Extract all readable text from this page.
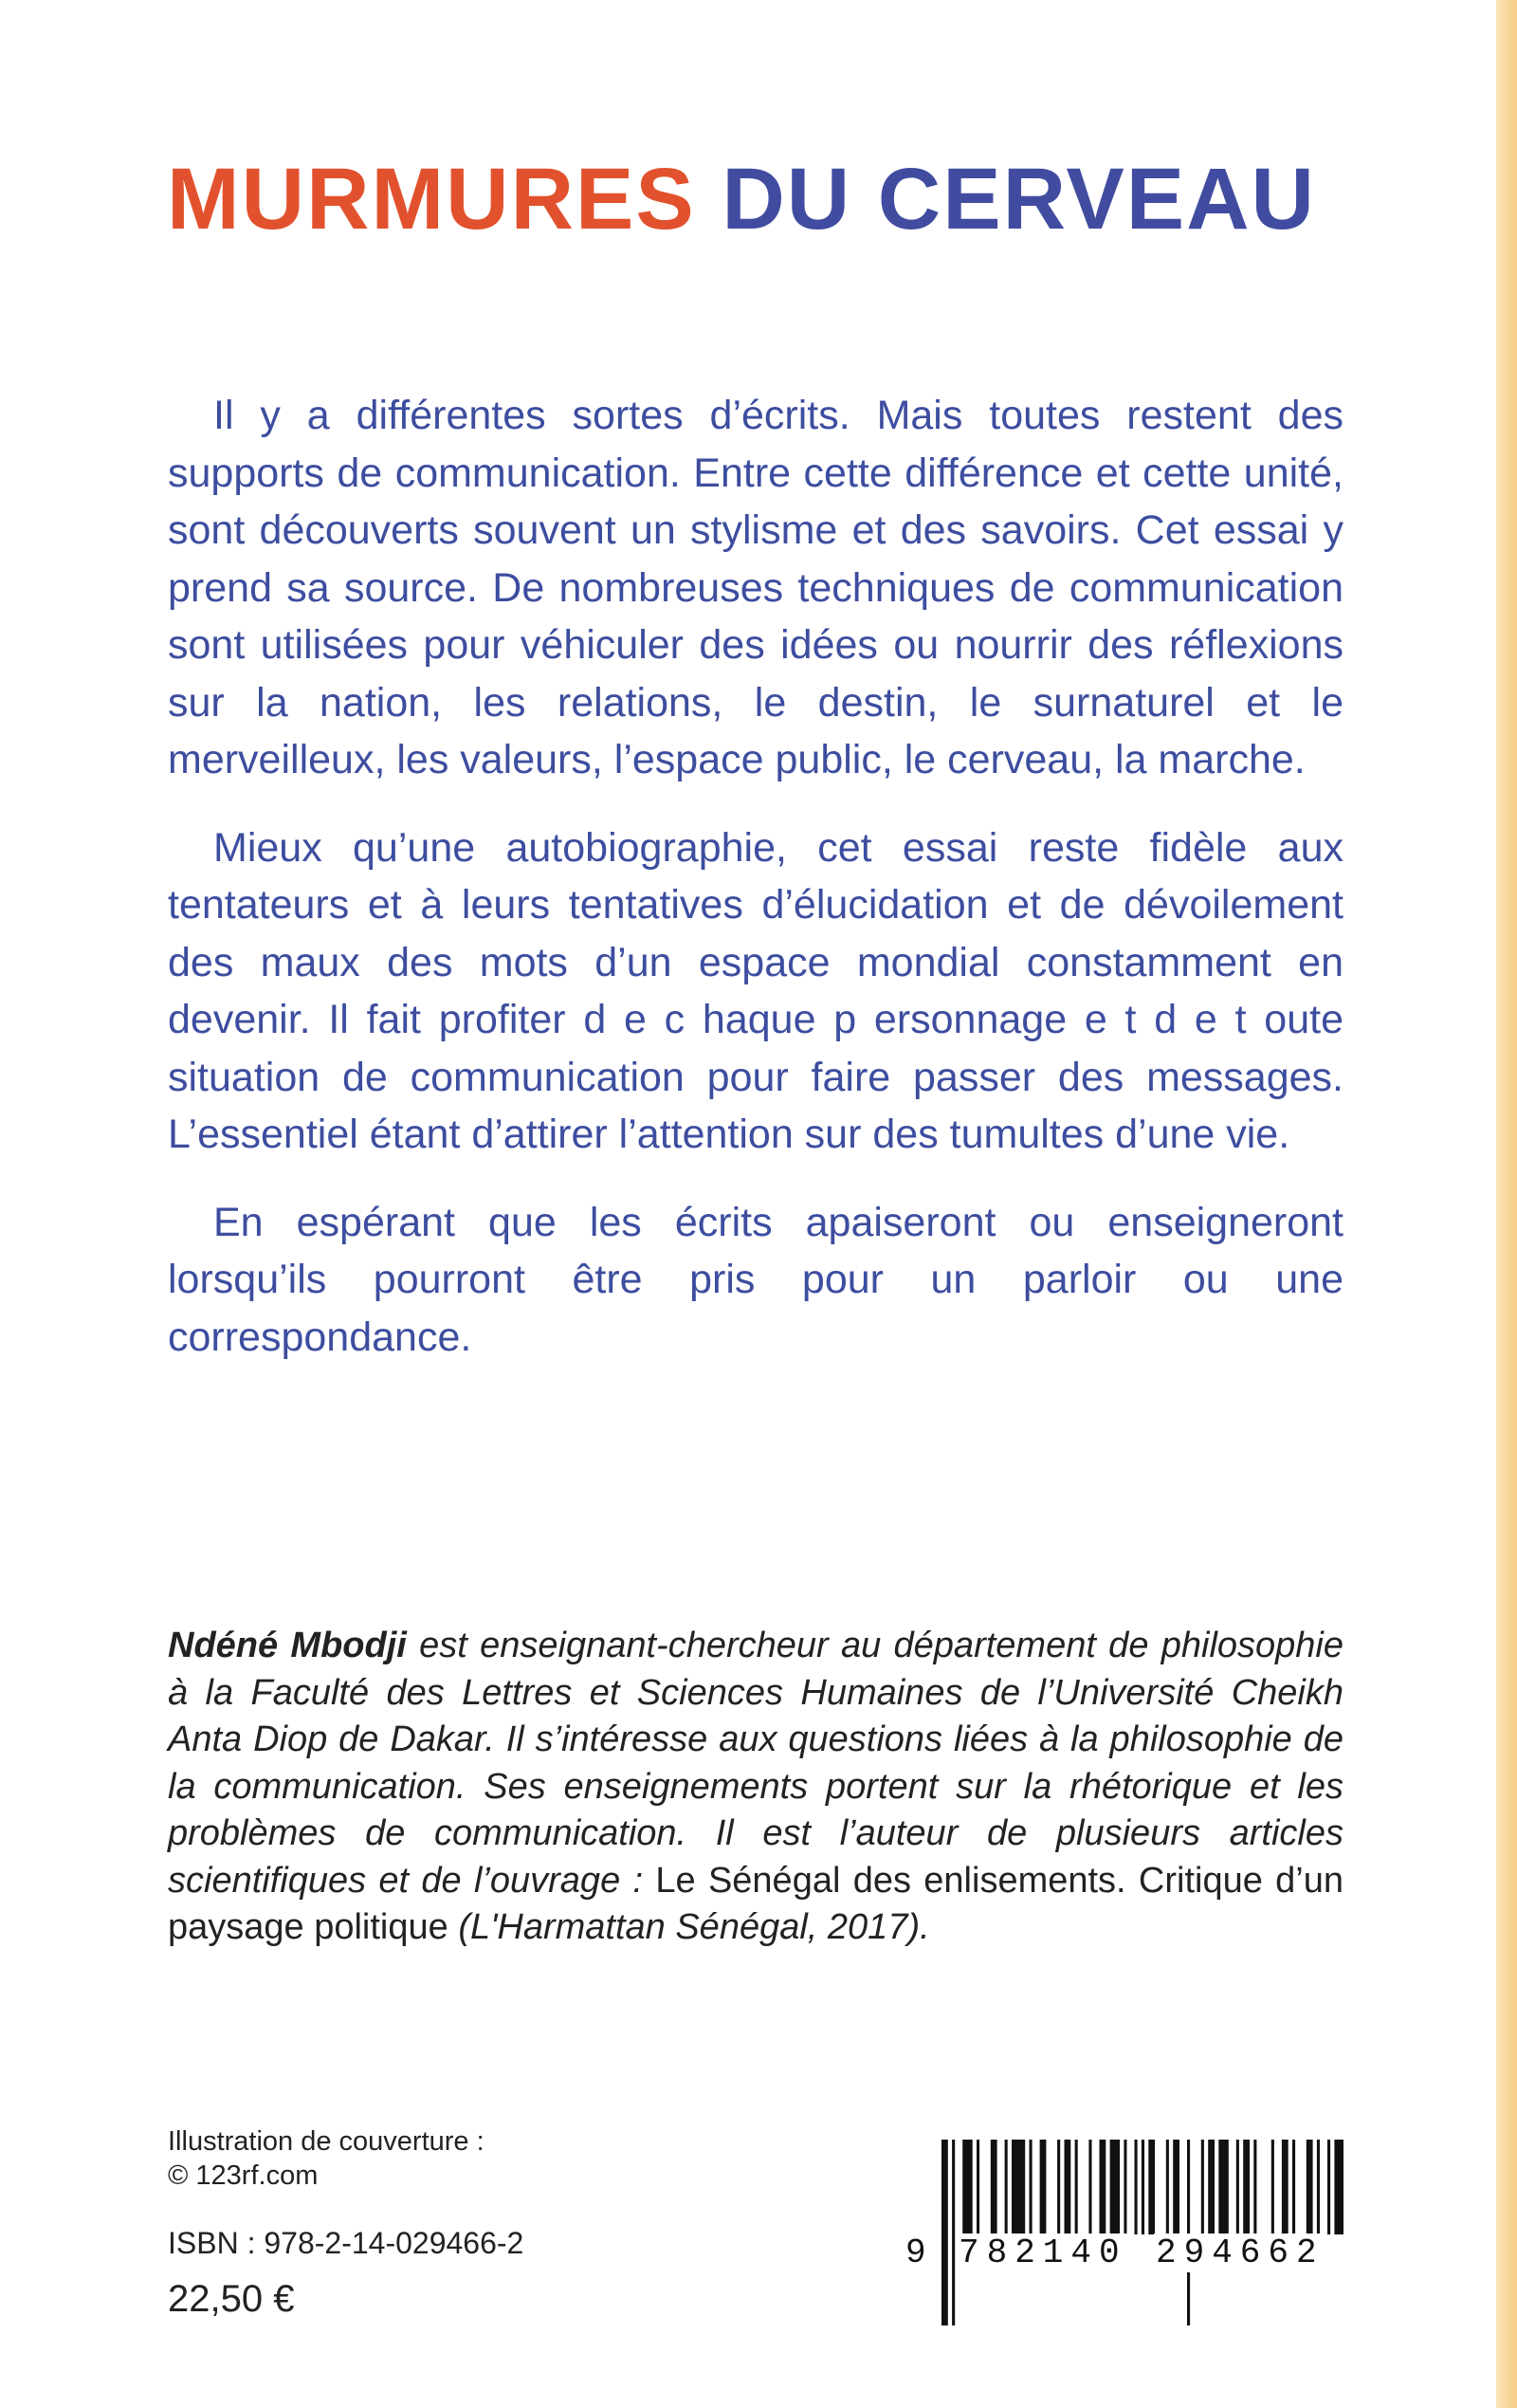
MURMURES DU CERVEAU

Il y a différentes sortes d’écrits. Mais toutes restent des supports de communication. Entre cette différence et cette unité, sont découverts souvent un stylisme et des savoirs. Cet essai y prend sa source. De nombreuses techniques de communication sont utilisées pour véhiculer des idées ou nourrir des réflexions sur la nation, les relations, le destin, le surnaturel et le merveilleux, les valeurs, l’espace public, le cerveau, la marche.

Mieux qu’une autobiographie, cet essai reste fidèle aux tentateurs et à leurs tentatives d’élucidation et de dévoilement des maux des mots d’un espace mondial constamment en devenir. Il fait profiter d e c haque p ersonnage e t d e t oute situation de communication pour faire passer des messages. L’essentiel étant d’attirer l’attention sur des tumultes d’une vie.

En espérant que les écrits apaiseront ou enseigneront lorsqu’ils pourront être pris pour un parloir ou une correspondance.

Ndéné Mbodji est enseignant-chercheur au département de philosophie à la Faculté des Lettres et Sciences Humaines de l’Université Cheikh Anta Diop de Dakar. Il s’intéresse aux questions liées à la philosophie de la communication. Ses enseignements portent sur la rhétorique et les problèmes de communication. Il est l’auteur de plusieurs articles scientifiques et de l’ouvrage : Le Sénégal des enlisements. Critique d’un paysage politique (L'Harmattan Sénégal, 2017).
Illustration de couverture :
© 123rf.com
ISBN : 978-2-14-029466-2
22,50 €
9 782140 294662
